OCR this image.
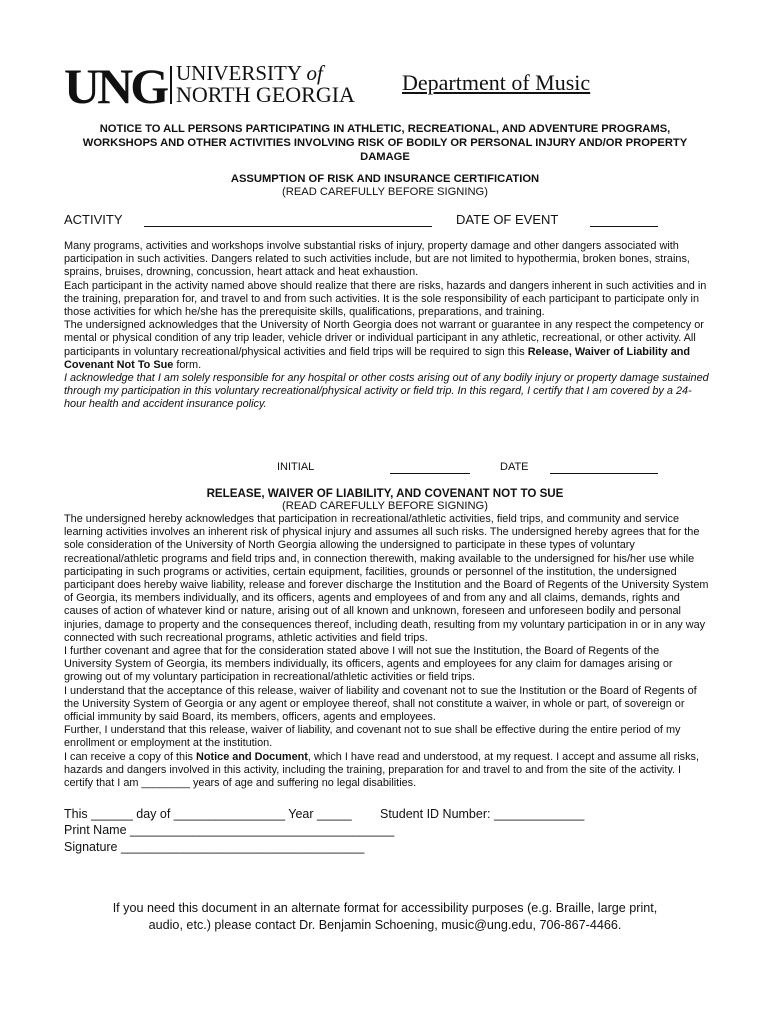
UNG UNIVERSITY of
NORTH GEORGIA Department of Music
NOTICE TO ALL PERSONS PARTICIPATING IN ATHLETIC, RECREATIONAL, AND ADVENTURE PROGRAMS,
WORKSHOPS AND OTHER ACTIVITIES INVOLVING RISK OF BODILY OR PERSONAL INJURY AND/OR PROPERTY
DAMAGE
ASSUMPTION OF RISK AND INSURANCE CERTIFICATION
(READ CAREFULLY BEFORE SIGNING)
ACTIVITY	DATE OF EVENT

Many programs, activities and workshops involve substantial risks of injury, property damage and other dangers associated with participation in such activities. Dangers related to such activities include, but are not limited to hypothermia, broken bones, strains, sprains, bruises, drowning, concussion, heart attack and heat exhaustion.

Each participant in the activity named above should realize that there are risks, hazards and dangers inherent in such activities and in the training, preparation for, and travel to and from such activities. It is the sole responsibility of each participant to participate only in those activities for which he/she has the prerequisite skills, qualifications, preparations, and training.

The undersigned acknowledges that the University of North Georgia does not warrant or guarantee in any respect the competency or mental or physical condition of any trip leader, vehicle driver or individual participant in any athletic, recreational, or other activity. All participants in voluntary recreational/physical activities and field trips will be required to sign this Release, Waiver of Liability and Covenant Not To Sue form.

I acknowledge that I am solely responsible for any hospital or other costs arising out of any bodily injury or property damage sustained through my participation in this voluntary recreational/physical activity or field trip. In this regard, I certify that I am covered by a 24-hour health and accident insurance policy.

INITIAL	DATE
RELEASE, WAIVER OF LIABILITY, AND COVENANT NOT TO SUE
(READ CAREFULLY BEFORE SIGNING)

The undersigned hereby acknowledges that participation in recreational/athletic activities, field trips, and community and service learning activities involves an inherent risk of physical injury and assumes all such risks. The undersigned hereby agrees that for the sole consideration of the University of North Georgia allowing the undersigned to participate in these types of voluntary recreational/athletic programs and field trips and, in connection therewith, making available to the undersigned for his/her use while participating in such programs or activities, certain equipment, facilities, grounds or personnel of the institution, the undersigned participant does hereby waive liability, release and forever discharge the Institution and the Board of Regents of the University System of Georgia, its members individually, and its officers, agents and employees of and from any and all claims, demands, rights and causes of action of whatever kind or nature, arising out of all known and unknown, foreseen and unforeseen bodily and personal injuries, damage to property and the consequences thereof, including death, resulting from my voluntary participation in or in any way connected with such recreational programs, athletic activities and field trips.

I further covenant and agree that for the consideration stated above I will not sue the Institution, the Board of Regents of the University System of Georgia, its members individually, its officers, agents and employees for any claim for damages arising or growing out of my voluntary participation in recreational/athletic activities or field trips.

I understand that the acceptance of this release, waiver of liability and covenant not to sue the Institution or the Board of Regents of the University System of Georgia or any agent or employee thereof, shall not constitute a waiver, in whole or part, of sovereign or official immunity by said Board, its members, officers, agents and employees.

Further, I understand that this release, waiver of liability, and covenant not to sue shall be effective during the entire period of my enrollment or employment at the institution.

I can receive a copy of this Notice and Document, which I have read and understood, at my request. I accept and assume all risks, hazards and dangers involved in this activity, including the training, preparation for and travel to and from the site of the activity. I certify that I am ________ years of age and suffering no legal disabilities.

This ______ day of ________________ Year _____ Student ID Number: _____________
Print Name ______________________________________
Signature ___________________________________
If you need this document in an alternate format for accessibility purposes (e.g. Braille, large print,
audio, etc.) please contact Dr. Benjamin Schoening, music@ung.edu, 706-867-4466.
